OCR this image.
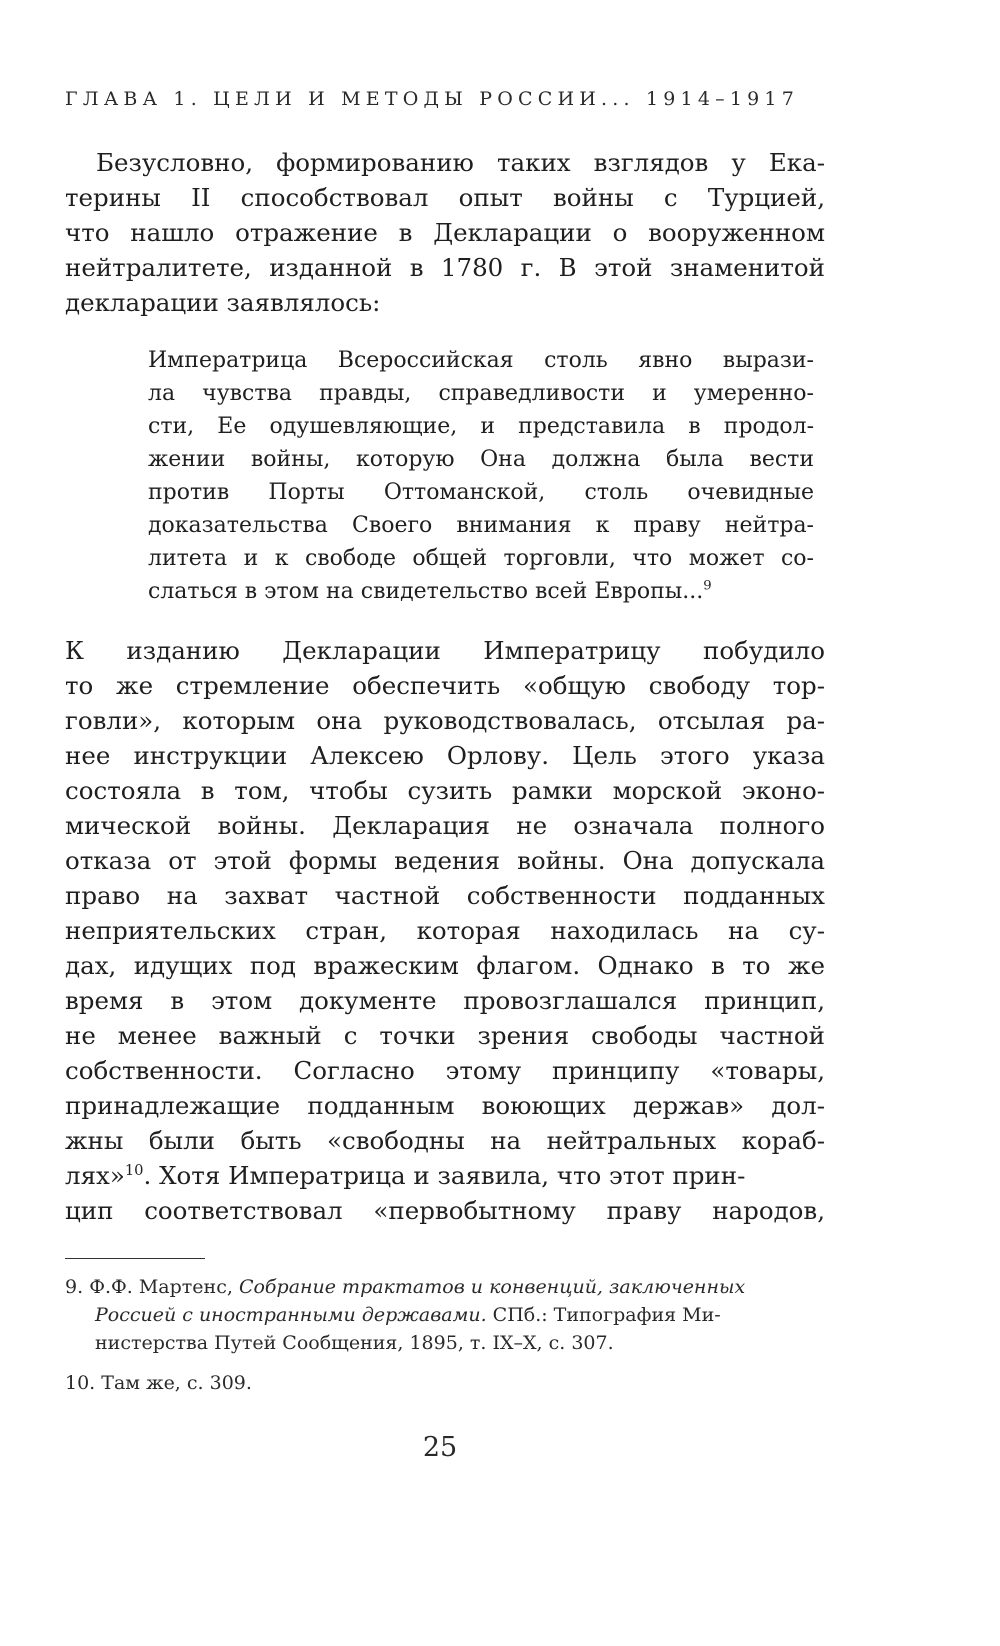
ГЛАВА 1. ЦЕЛИ И МЕТОДЫ РОССИИ... 1914–1917
Безусловно, формированию таких взглядов у Ека-
терины II способствовал опыт войны с Турцией,
что нашло отражение в Декларации о вооруженном
нейтралитете, изданной в 1780 г. В этой знаменитой
декларации заявлялось:
Императрица Всероссийская столь явно вырази-
ла чувства правды, справедливости и умеренно-
сти, Ее одушевляющие, и представила в продол-
жении войны, которую Она должна была вести
против Порты Оттоманской, столь очевидные
доказательства Своего внимания к праву нейтра-
литета и к свободе общей торговли, что может со-
слаться в этом на свидетельство всей Европы...$^9$
К изданию Декларации Императрицу побудило
то же стремление обеспечить «общую свободу тор-
говли», которым она руководствовалась, отсылая ра-
нее инструкции Алексею Орлову. Цель этого указа
состояла в том, чтобы сузить рамки морской эконо-
мической войны. Декларация не означала полного
отказа от этой формы ведения войны. Она допускала
право на захват частной собственности подданных
неприятельских стран, которая находилась на су-
дах, идущих под вражеским флагом. Однако в то же
время в этом документе провозглашался принцип,
не менее важный с точки зрения свободы частной
собственности. Согласно этому принципу «товары,
принадлежащие подданным воюющих держав» дол-
жны были быть «свободны на нейтральных кораб-
лях»$^{10}$. Хотя Императрица и заявила, что этот прин-
цип соответствовал «первобытному праву народов,
9. Ф.Ф. Мартенс, Собрание трактатов и конвенций, заключенных
Россией с иностранными державами. СПб.: Типография Ми-
нистерства Путей Сообщения, 1895, т. IX–X, с. 307.
10. Там же, с. 309.
25
